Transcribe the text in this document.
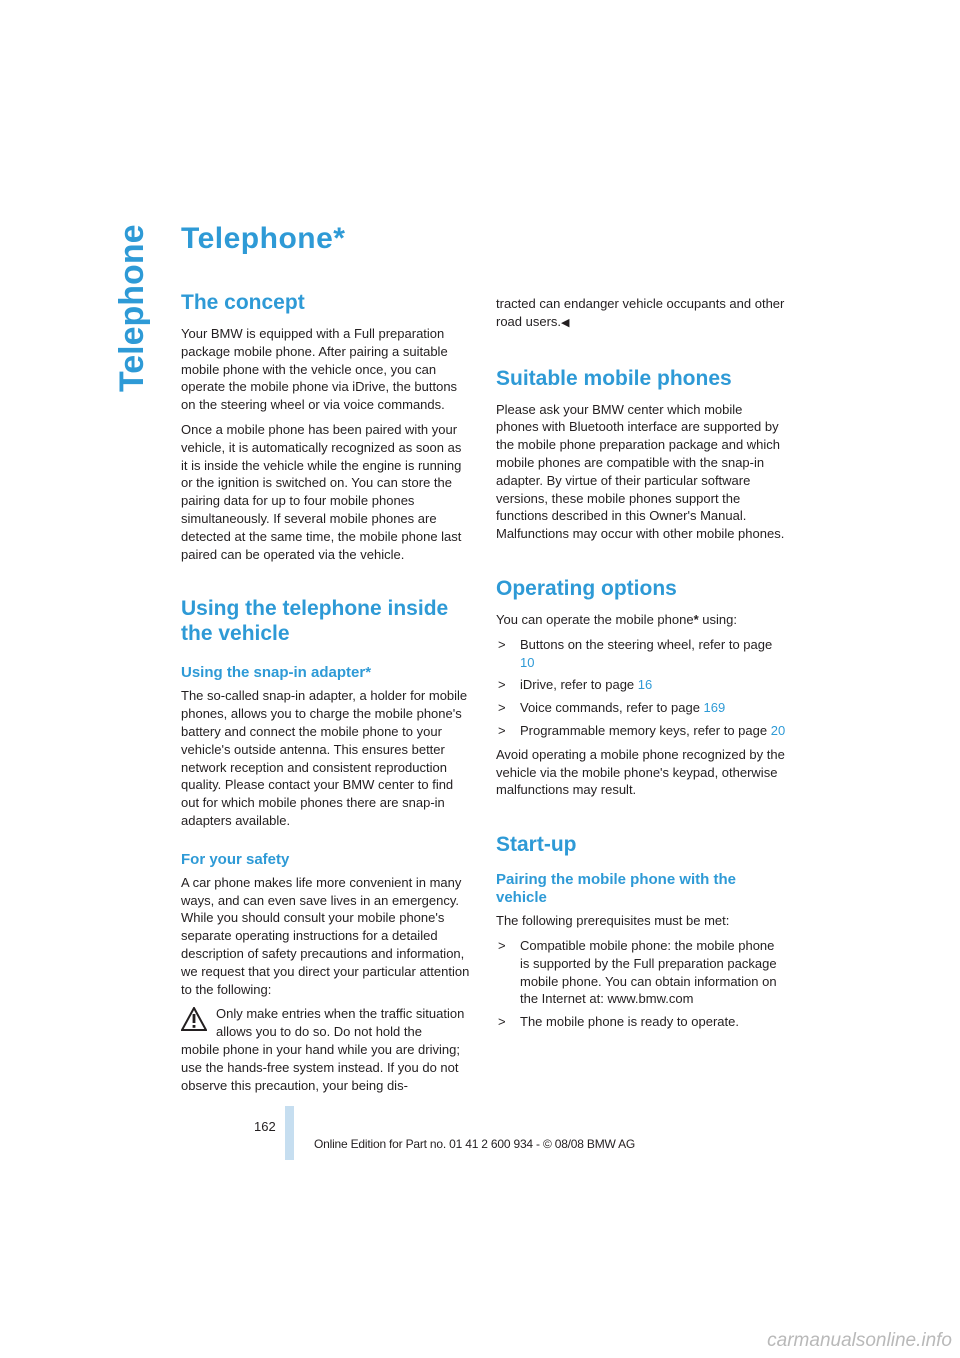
Telephone Telephone*
The concept

Your BMW is equipped with a Full preparation package mobile phone. After pairing a suitable mobile phone with the vehicle once, you can operate the mobile phone via iDrive, the buttons on the steering wheel or via voice commands.

Once a mobile phone has been paired with your vehicle, it is automatically recognized as soon as it is inside the vehicle while the engine is running or the ignition is switched on. You can store the pairing data for up to four mobile phones simultaneously. If several mobile phones are detected at the same time, the mobile phone last paired can be operated via the vehicle.

Using the telephone inside the vehicle
Using the snap-in adapter*

The so-called snap-in adapter, a holder for mobile phones, allows you to charge the mobile phone's battery and connect the mobile phone to your vehicle's outside antenna. This ensures better network reception and consistent reproduction quality. Please contact your BMW center to find out for which mobile phones there are snap-in adapters available.

For your safety

A car phone makes life more convenient in many ways, and can even save lives in an emergency. While you should consult your mobile phone's separate operating instructions for a detailed description of safety precautions and information, we request that you direct your particular attention to the following:

Only make entries when the traffic situation allows you to do so. Do not hold the

mobile phone in your hand while you are driving; use the hands-free system instead. If you do not observe this precaution, your being dis-

tracted can endanger vehicle occupants and other road users.◀

Suitable mobile phones

Please ask your BMW center which mobile phones with Bluetooth interface are supported by the mobile phone preparation package and which mobile phones are compatible with the snap-in adapter. By virtue of their particular software versions, these mobile phones support the functions described in this Owner's Manual. Malfunctions may occur with other mobile phones.

Operating options

You can operate the mobile phone* using:

> Buttons on the steering wheel, refer to page 10
> iDrive, refer to page 16
> Voice commands, refer to page 169
> Programmable memory keys, refer to page 20

Avoid operating a mobile phone recognized by the vehicle via the mobile phone's keypad, otherwise malfunctions may result.

Start-up
Pairing the mobile phone with the vehicle

The following prerequisites must be met:

> Compatible mobile phone: the mobile phone is supported by the Full preparation package mobile phone. You can obtain information on the Internet at: www.bmw.com
> The mobile phone is ready to operate.
162
Online Edition for Part no. 01 41 2 600 934 - © 08/08 BMW AG
carmanualsonline.info
